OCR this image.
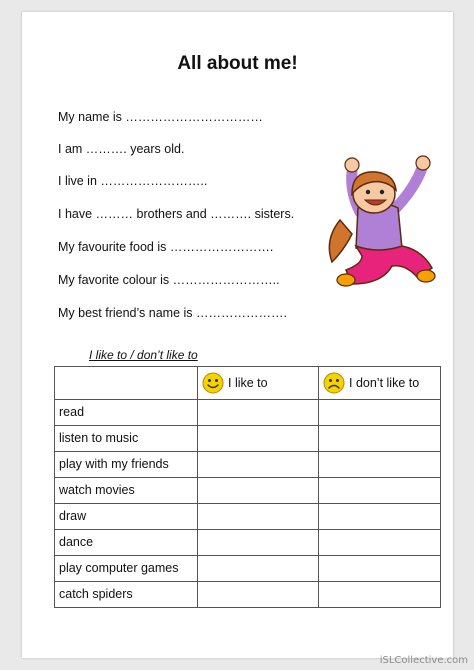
All about me!
My name is ……………………………
I am ………. years old.
I live in ……………………..
I have ……… brothers and ………. sisters.
My favourite food is …………………….
My favorite colour is ……………………..
My best friend’s name is ………………….
I like to / don’t like to

	I like to	I don’t like to

read		
listen to music		
play with my friends		
watch movies		
draw		
dance		
play computer games		
catch spiders		
iSLCollective.com
